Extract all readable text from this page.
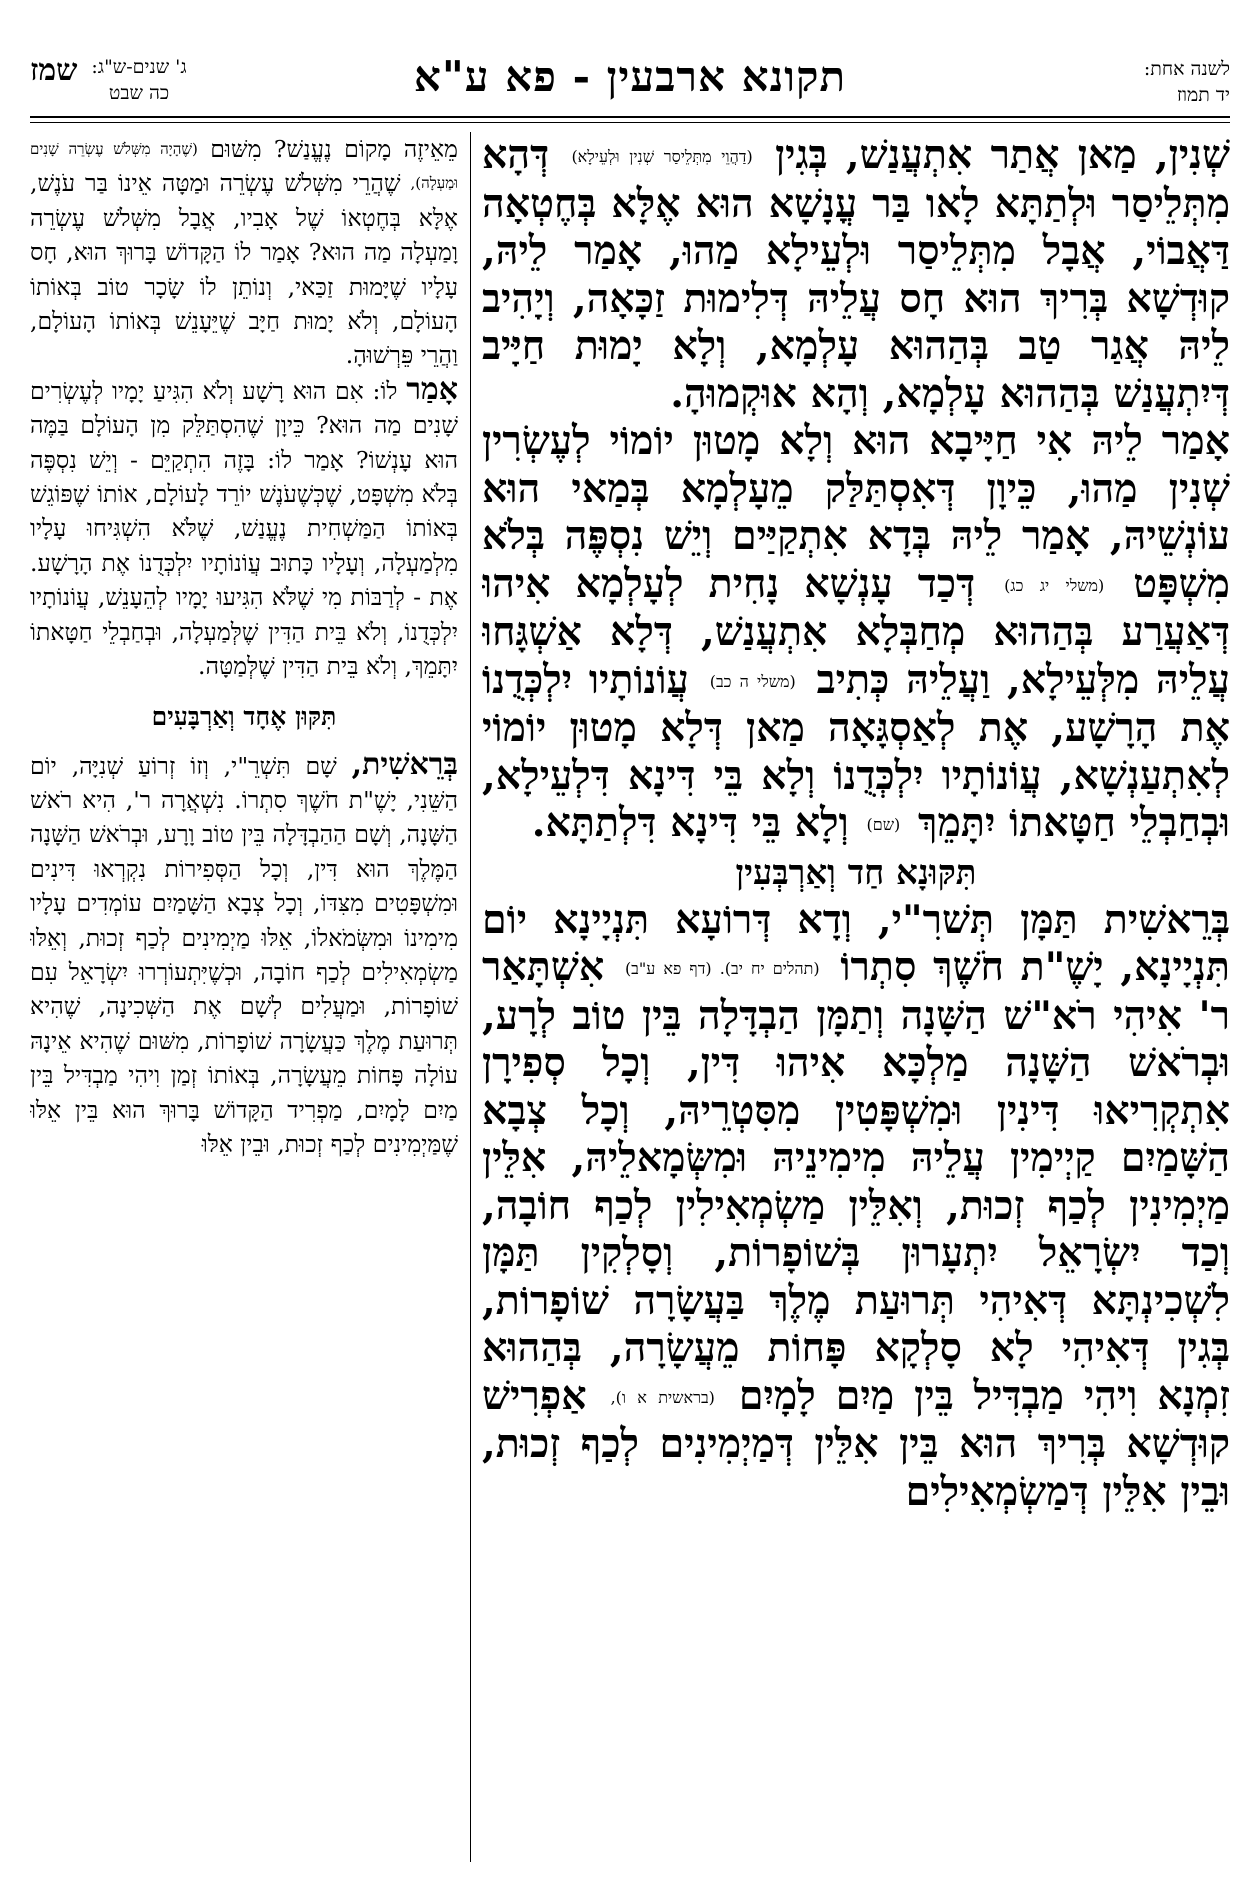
לשנה אחת:
יד תמוז
תקונא ארבעין - פא ע"א
שמז ג' שנים-ש"ג:
כה שבט

שְׁנִין, מַאן אֲתַר אִתְעֲנַשׁ, בְּגִין (דַהֲוֵי מִתְּלֵיסַר שְׁנִין וּלְעֵילָא) דְּהָא מִתְּלֵיסַר וּלְתַתָּא לָאו בַּר עֳנָשָׁא הוּא אֶלָּא בְּחֶטְאָה דַּאֲבוֹי, אֲבָל מִתְּלֵיסַר וּלְעֵילָא מַהוּ, אָמַר לֵיהּ, קוּדְשָׁא בְּרִיךְ הוּא חָס עֲלֵיהּ דְּלִימוּת זַכָּאָה, וְיָהִיב לֵיהּ אֲגַר טַב בְּהַהוּא עָלְמָא, וְלָא יָמוּת חַיָּיב דְּיִתְעֲנַשׁ בְּהַהוּא עָלְמָא, וְהָא אוּקְמוּהָ.

אָמַר לֵיהּ אִי חַיָּיבָא הוּא וְלָא מָטוּן יוֹמוֹי לְעֶשְׂרִין שְׁנִין מַהוּ, כֵּיוָן דְּאִסְתַּלַּק מֵעָלְמָא בְּמַאי הוּא עוֹנְשֵׁיהּ, אָמַר לֵיהּ בְּדָא אִתְקַיַּים וְיֵשׁ נִסְפֶּה בְּלֹא מִשְׁפָּט (משלי יג כג) דְּכַד עָנְשָׁא נָחִית לְעָלְמָא אִיהוּ דְּאַעֲרַע בְּהַהוּא מְחַבְּלָא אִתְעֲנַשׁ, דְּלָא אַשְׁגָּחוּ עֲלֵיהּ מִלְּעֵילָא, וַעֲלֵיהּ כְּתִיב (משלי ה כב) עֲוֹנוֹתָיו יִלְכְּדֻנוֹ אֶת הָרָשָׁע, אֶת לְאַסְגָּאָה מַאן דְּלָא מָטוּן יוֹמוֹי לְאִתְעַנְשָׁא, עֲוֹנוֹתָיו יִלְכְּדֻנוֹ וְלָא בֵּי דִּינָא דִּלְעֵילָא, וּבְחַבְלֵי חַטָּאתוֹ יִתָּמֵךְ (שם) וְלָא בֵּי דִּינָא דִּלְתַתָּא.

תִּקּוּנָא חַד וְאַרְבְּעִין

בְּרֵאשִׁית תַּמָּן תְּשׁרִ"י, וְדָא דְּרוֹעָא תִּנְיָינָא יוֹם תִּנְיָינָא, יָשֶׁ"ת חֹשֶׁךְ סִתְרוֹ (תהלים יח יב). (דף פא ע"ב) אִשְׁתָּאַר ר' אִיהִי רֹא"שׁ הַשָּׁנָה וְתַמָּן הַבְדָּלָה בֵּין טוֹב לְרָע, וּבְרֹאשׁ הַשָּׁנָה מַלְכָּא אִיהוּ דִּין, וְכָל סְפִירָן אִתְקְרִיאוּ דִּינִין וּמִשְׁפָּטִין מִסִּטְרֵיהּ, וְכָל צְבָא הַשָּׁמַיִם קַיְימִין עֲלֵיהּ מִימִינֵיהּ וּמִשְּׂמָאלֵיהּ, אִלֵּין מַיְמִינִין לְכַף זְכוּת, וְאִלֵּין מַשְׂמְאִילִין לְכַף חוֹבָה, וְכַד יִשְׂרָאֵל יִתְעָרוּן בְּשׁוֹפָרוֹת, וְסָלְקִין תַּמָּן לִשְׁכִינְתָּא דְּאִיהִי תְּרוּעַת מֶלֶךְ בַּעֲשָׂרָה שׁוֹפָרוֹת, בְּגִין דְּאִיהִי לָא סָלְקָא פָּחוֹת מֵעֲשָׂרָה, בְּהַהוּא זִמְנָא וִיהִי מַבְדִּיל בֵּין מַיִם לָמָיִם (בראשית א ו), אַפְרִישׁ קוּדְשָׁא בְּרִיךְ הוּא בֵּין אִלֵּין דְּמַיְמִינִים לְכַף זְכוּת, וּבֵין אִלֵּין דְּמַשְׂמְאִילִים

מֵאֵיזֶה מָקוֹם נֶעֱנַשׁ? מִשּׁוּם (שֶׁהָיָה מִשְּׁלֹשׁ עֶשְׂרֵה שָׁנִים וּמַעְלָה), שֶׁהֲרֵי מִשְּׁלֹשׁ עֶשְׂרֵה וּמַטָּה אֵינוֹ בַּר עֹנֶשׁ, אֶלָּא בְּחֶטְאוֹ שֶׁל אָבִיו, אֲבָל מִשְּׁלֹשׁ עֶשְׂרֵה וָמַעְלָה מַה הוּא? אָמַר לוֹ הַקָּדוֹשׁ בָּרוּךְ הוּא, חָס עָלָיו שֶׁיָּמוּת זַכַּאי, וְנוֹתֵן לוֹ שָׂכָר טוֹב בְּאוֹתוֹ הָעוֹלָם, וְלֹא יָמוּת חַיָּב שֶׁיֵּעָנֵשׁ בְּאוֹתוֹ הָעוֹלָם, וַהֲרֵי פֵּרְשׁוּהָ.

אָמַר לוֹ: אִם הוּא רָשָׁע וְלֹא הִגִּיעַ יָמָיו לְעֶשְׂרִים שָׁנִים מַה הוּא? כֵּיוָן שֶׁהִסְתַּלֵּק מִן הָעוֹלָם בַּמֶּה הוּא עָנְשׁוֹ? אָמַר לוֹ: בָּזֶה הִתְקַיֵּם - וְיֵשׁ נִסְפֶּה בְּלֹא מִשְׁפָּט, שֶׁכְּשֶׁעֹנֶשׁ יוֹרֵד לָעוֹלָם, אוֹתוֹ שֶׁפּוֹגֵשׁ בְּאוֹתוֹ הַמַּשְׁחִית נֶעֱנַשׁ, שֶׁלֹּא הִשְׁגִּיחוּ עָלָיו מִלְמַעְלָה, וְעָלָיו כָּתוּב עֲוֹנוֹתָיו יִלְכְּדֻנוֹ אֶת הָרָשָׁע. אֶת - לְרַבּוֹת מִי שֶׁלֹּא הִגִּיעוּ יָמָיו לְהֵעָנֵשׁ, עֲוֹנוֹתָיו יִלְכְּדֻנוֹ, וְלֹא בֵּית הַדִּין שֶׁלְּמַעְלָה, וּבְחַבְלֵי חַטָּאתוֹ יִתָּמֵךְ, וְלֹא בֵּית הַדִּין שֶׁלְּמַטָּה.

תִּקּוּן אֶחָד וְאַרְבָּעִים

בְּרֵאשִׁית, שָׁם תִּשְׁרֵ"י, וְזוֹ זְרוֹעַ שְׁנִיָּה, יוֹם הַשֵּׁנִי, יָשֶׁ"ת חֹשֶׁךְ סִתְרוֹ. נִשְׁאֲרָה ר', הִיא רֹאשׁ הַשָּׁנָה, וְשָׁם הַהַבְדָּלָה בֵּין טוֹב וָרָע, וּבְרֹאשׁ הַשָּׁנָה הַמֶּלֶךְ הוּא דִּין, וְכָל הַסְּפִירוֹת נִקְרְאוּ דִּינִים וּמִשְׁפָּטִים מִצִּדּוֹ, וְכָל צְבָא הַשָּׁמַיִם עוֹמְדִים עָלָיו מִימִינוֹ וּמִשְּׂמֹאלוֹ, אֵלּוּ מַיְמִינִים לְכַף זְכוּת, וְאֵלּוּ מַשְׂמְאִילִים לְכַף חוֹבָה, וּכְשֶׁיִּתְעוֹרְרוּ יִשְׂרָאֵל עִם שׁוֹפָרוֹת, וּמַעֲלִים לְשָׁם אֶת הַשְּׁכִינָה, שֶׁהִיא תְּרוּעַת מֶלֶךְ כַּעֲשָׂרָה שׁוֹפָרוֹת, מִשּׁוּם שֶׁהִיא אֵינָהּ עוֹלָה פָּחוֹת מֵעֲשָׂרָה, בְּאוֹתוֹ זְמַן וִיהִי מַבְדִּיל בֵּין מַיִם לָמָיִם, מַפְרִיד הַקָּדוֹשׁ בָּרוּךְ הוּא בֵּין אֵלּוּ שֶׁמַּיְמִינִים לְכַף זְכוּת, וּבֵין אֵלּוּ
